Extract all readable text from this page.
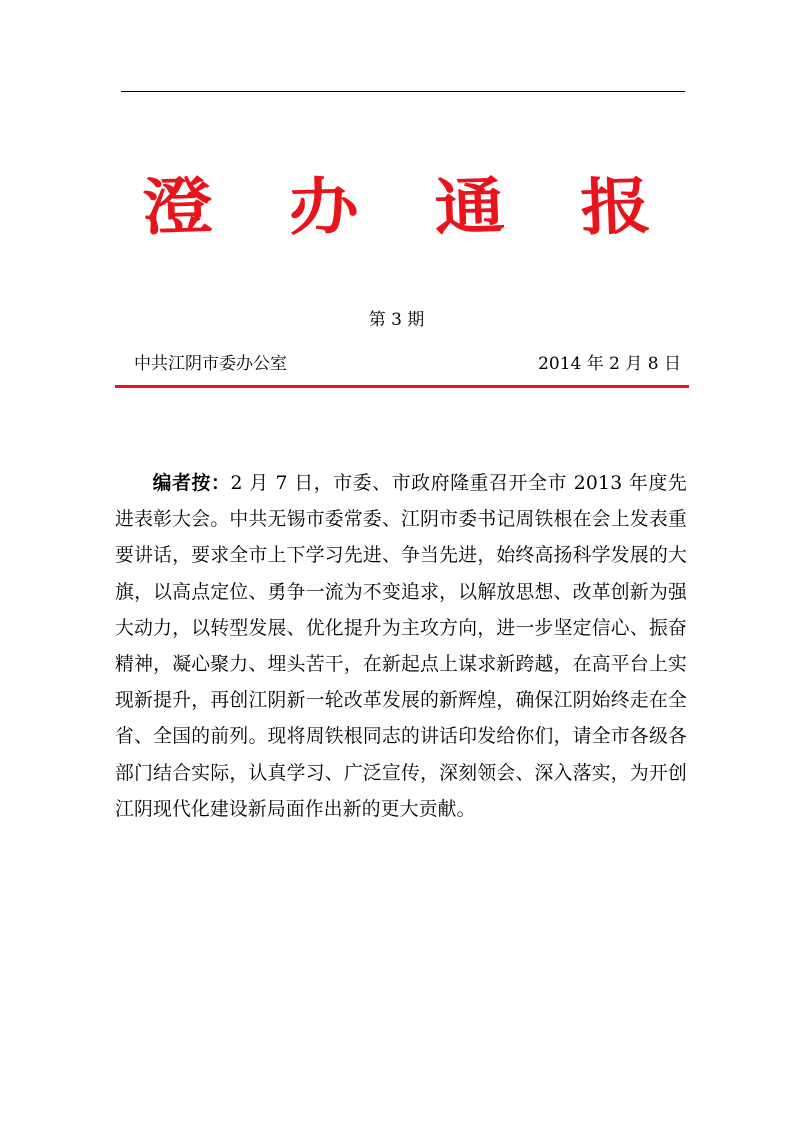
澄	办	通	报
第 3 期
中共江阴市委办公室	2014 年 2 月 8 日

编者按：2 月 7 日，市委、市政府隆重召开全市 2013 年度先进表彰大会。中共无锡市委常委、江阴市委书记周铁根在会上发表重要讲话，要求全市上下学习先进、争当先进，始终高扬科学发展的大旗，以高点定位、勇争一流为不变追求，以解放思想、改革创新为强大动力，以转型发展、优化提升为主攻方向，进一步坚定信心、振奋精神，凝心聚力、埋头苦干，在新起点上谋求新跨越，在高平台上实现新提升，再创江阴新一轮改革发展的新辉煌，确保江阴始终走在全省、全国的前列。现将周铁根同志的讲话印发给你们，请全市各级各部门结合实际，认真学习、广泛宣传，深刻领会、深入落实，为开创江阴现代化建设新局面作出新的更大贡献。
